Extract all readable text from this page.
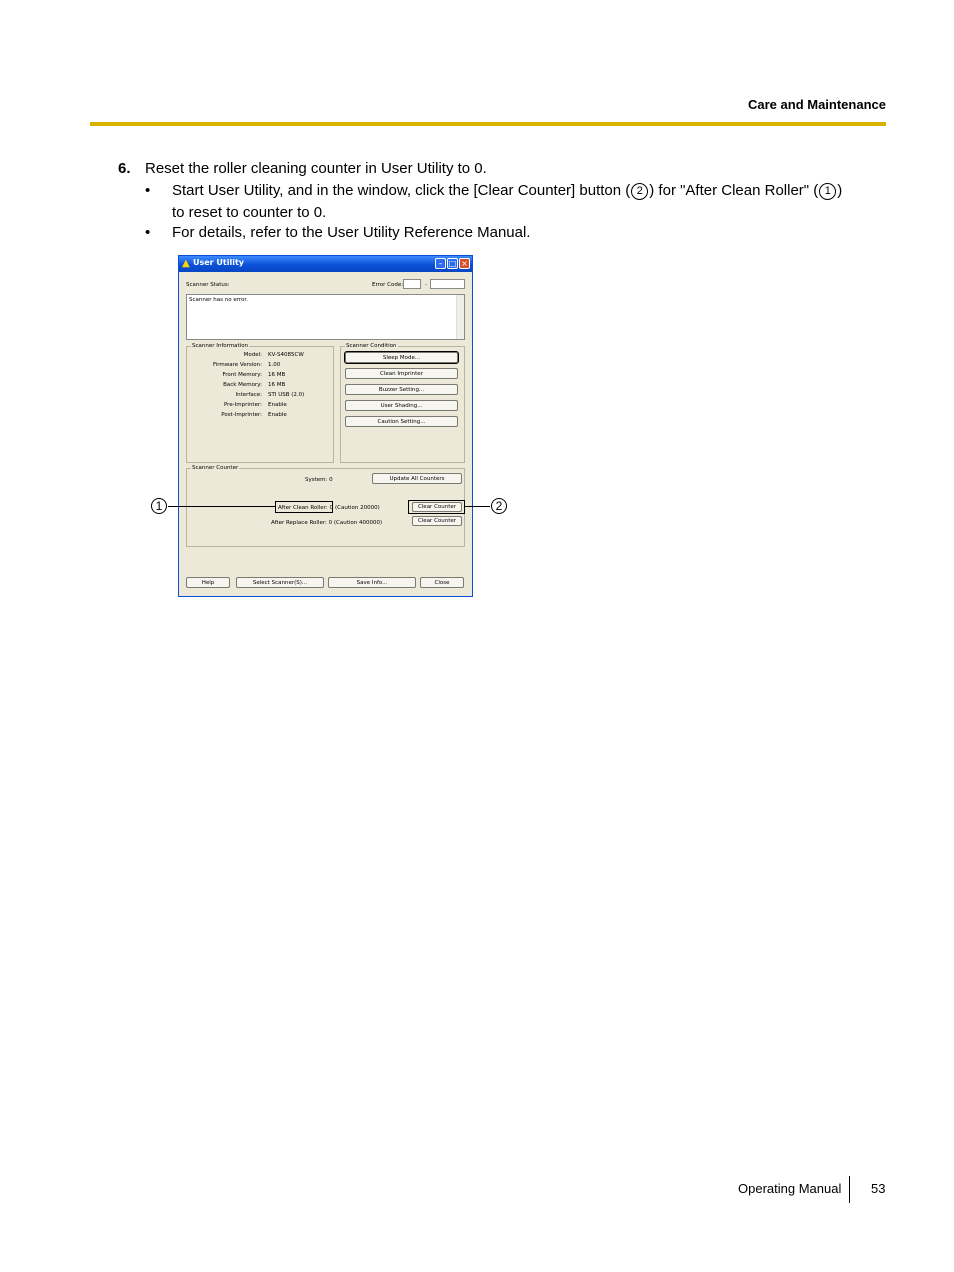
Care and Maintenance
6. Reset the roller cleaning counter in User Utility to 0.
• Start User Utility, and in the window, click the [Clear Counter] button ( 2 ) for "After Clean Roller" ( 1 )
to reset to counter to 0.
• For details, refer to the User Utility Reference Manual.
▲ User Utility	– □ ×
Scanner Status:	Error Code:	-
Scanner has no error.
Scanner Information
Model: KV-S4085CW
Firmware Version: 1.00
Front Memory: 16 MB
Back Memory: 16 MB
Interface: STI USB (2.0)
Pre-Imprinter: Enable
Post-Imprinter: Enable
Scanner Condition
Sleep Mode...
Clean Imprinter
Buzzer Setting...
User Shading...
Caution Setting...
Scanner Counter
System: 0	Update All Counters
After Clean Roller: 0 (Caution 20000)	Clear Counter
After Replace Roller: 0 (Caution 400000)	Clear Counter
Help	Select Scanner(S)...	Save Info...	Close
1	2
Operating Manual 53
